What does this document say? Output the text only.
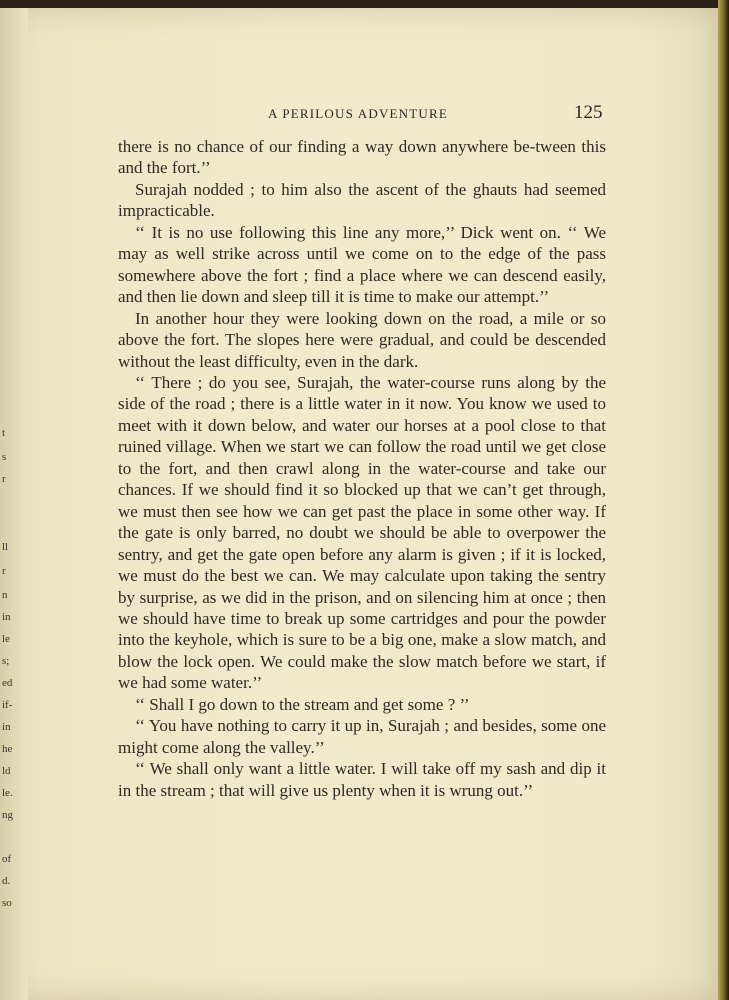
t
s
r
ll
r
n
in
le
s;
ed
if-
in
he
ld
le.
ng
of
d.
so
A PERILOUS ADVENTURE	125

there is no chance of our finding a way down anywhere be-tween this and the fort.’’

Surajah nodded ; to him also the ascent of the ghauts had seemed impracticable.

‘‘ It is no use following this line any more,’’ Dick went on. ‘‘ We may as well strike across until we come on to the edge of the pass somewhere above the fort ; find a place where we can descend easily, and then lie down and sleep till it is time to make our attempt.’’

In another hour they were looking down on the road, a mile or so above the fort. The slopes here were gradual, and could be descended without the least difficulty, even in the dark.

‘‘ There ; do you see, Surajah, the water-course runs along by the side of the road ; there is a little water in it now. You know we used to meet with it down below, and water our horses at a pool close to that ruined village. When we start we can follow the road until we get close to the fort, and then crawl along in the water-course and take our chances. If we should find it so blocked up that we can’t get through, we must then see how we can get past the place in some other way. If the gate is only barred, no doubt we should be able to overpower the sentry, and get the gate open before any alarm is given ; if it is locked, we must do the best we can. We may calculate upon taking the sentry by surprise, as we did in the prison, and on silencing him at once ; then we should have time to break up some cartridges and pour the powder into the keyhole, which is sure to be a big one, make a slow match, and blow the lock open. We could make the slow match before we start, if we had some water.’’

‘‘ Shall I go down to the stream and get some ? ’’

‘‘ You have nothing to carry it up in, Surajah ; and besides, some one might come along the valley.’’

‘‘ We shall only want a little water. I will take off my sash and dip it in the stream ; that will give us plenty when it is wrung out.’’
